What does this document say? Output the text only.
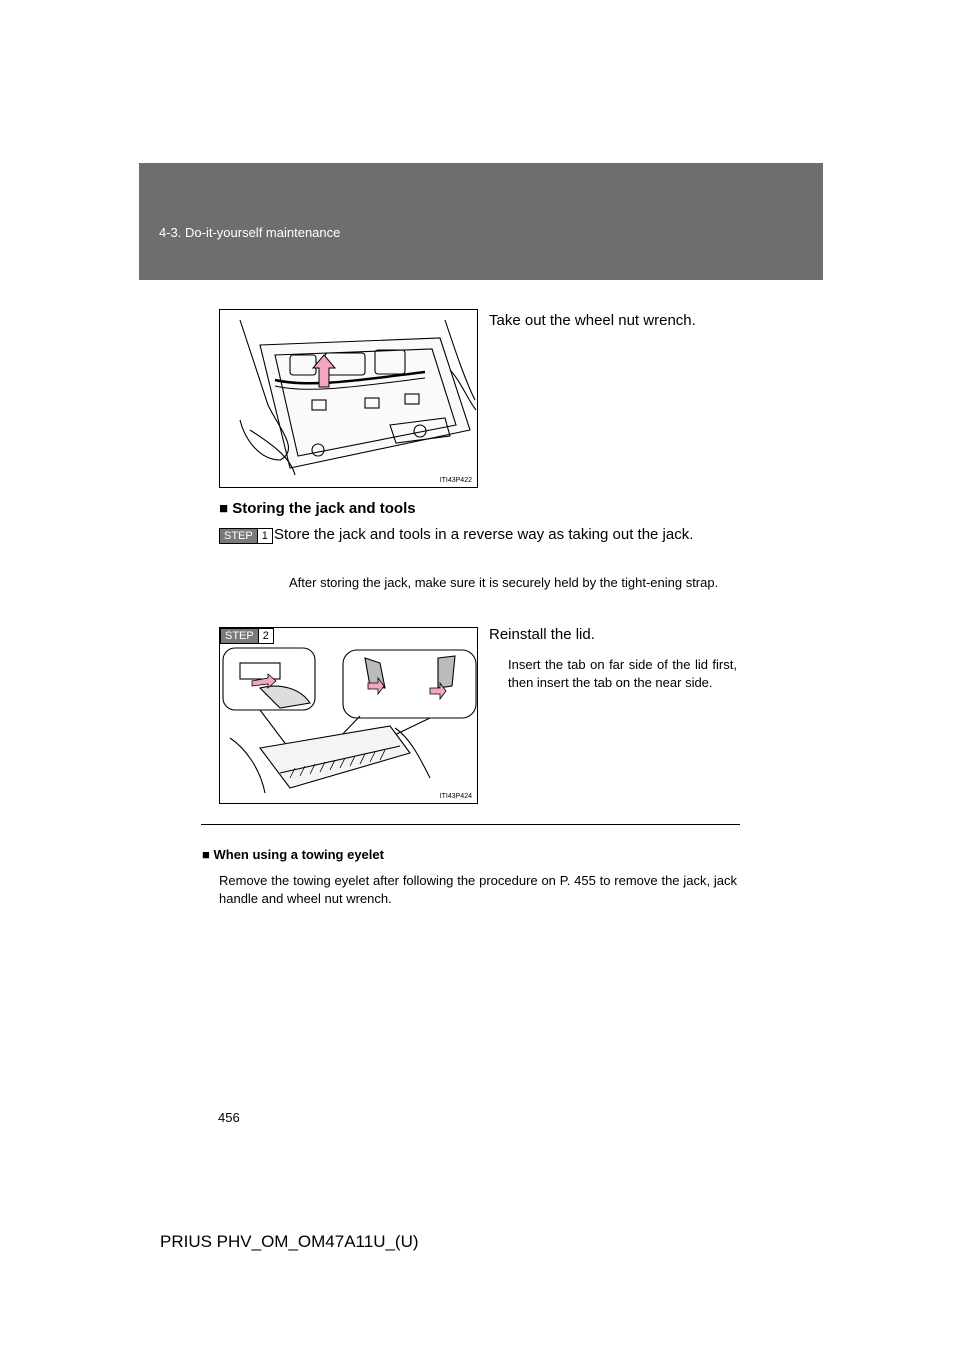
4-3. Do-it-yourself maintenance
ITI43P422
Take out the wheel nut wrench.
■ Storing the jack and tools
STEP 1 Store the jack and tools in a reverse way as taking out the jack.
After storing the jack, make sure it is securely held by the tight-ening strap.
STEP 2
ITI43P424
Reinstall the lid.
Insert the tab on far side of the lid first, then insert the tab on the near side.
■ When using a towing eyelet
Remove the towing eyelet after following the procedure on P. 455 to remove the jack, jack handle and wheel nut wrench.
456
PRIUS PHV_OM_OM47A11U_(U)
